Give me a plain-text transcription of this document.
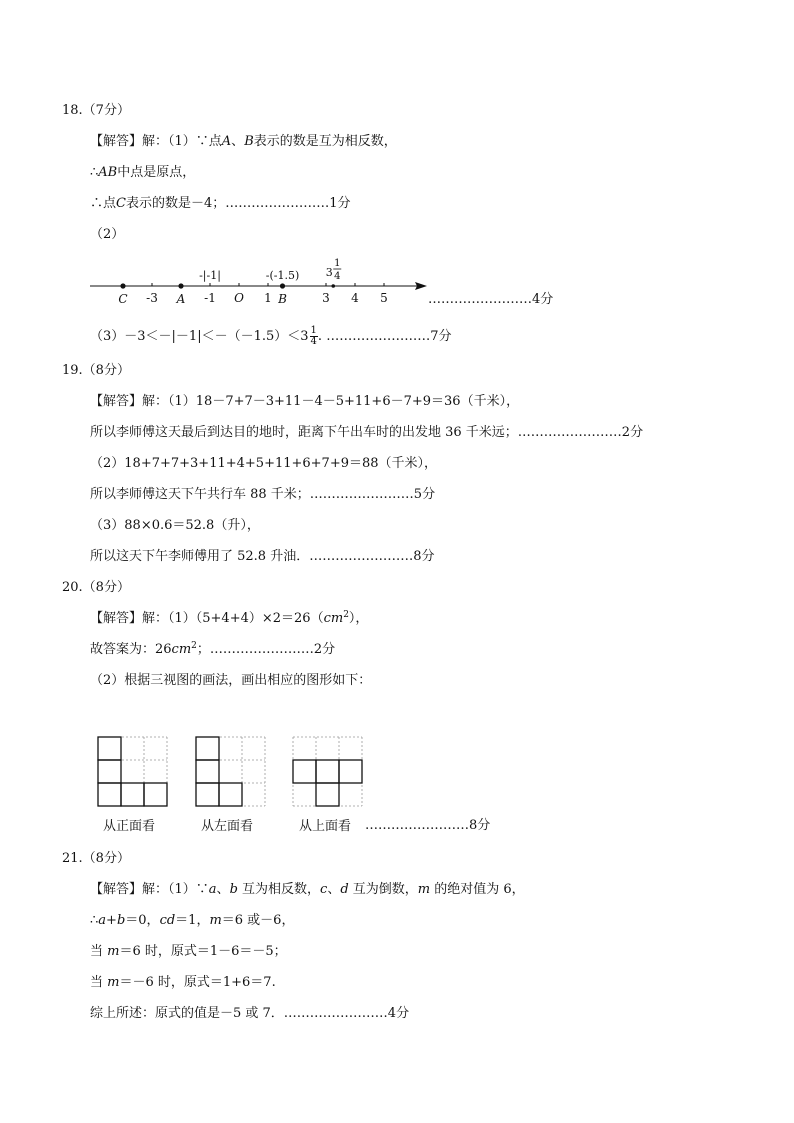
18.（7分）
【解答】解：（1）∵点A、B表示的数是互为相反数，
∴AB中点是原点，
∴点C表示的数是－4；……………………1分
（2）
-3	-1 O 1	3 4 5
C	A	B
-|-1|	-(-1.5) 3
1
4
……………………4分
$(3)-3<-|-1|<-(-1.5)<3 \frac{1}{4}$ . ……………………7分
19.（8分）
【解答】解：（1）18－7+7－3+11－4－5+11+6－7+9＝36（千米），
所以李师傅这天最后到达目的地时，距离下午出车时的出发地 36 千米远；……………………2分
（2）18+7+7+3+11+4+5+11+6+7+9＝88（千米），
所以李师傅这天下午共行车 88 千米；……………………5分
（3）88×0.6＝52.8（升），
所以这天下午李师傅用了 52.8 升油．……………………8分
20.（8分）
【解答】解：$(1)(5+4+4)\times 2=26(cm^2)$，
故答案为：$26cm^2$；……………………2分
（2）根据三视图的画法，画出相应的图形如下：
从正面看	从左面看	从上面看 ……………………8分
21.（8分）
【解答】解：（1）∵a、b 互为相反数，c、d 互为倒数，m 的绝对值为 6，
∴a+b＝0，cd＝1，m＝6 或－6，
当 m＝6 时，原式＝1－6＝－5；
当 m＝－6 时，原式＝1+6＝7.
综上所述：原式的值是－5 或 7．……………………4分
